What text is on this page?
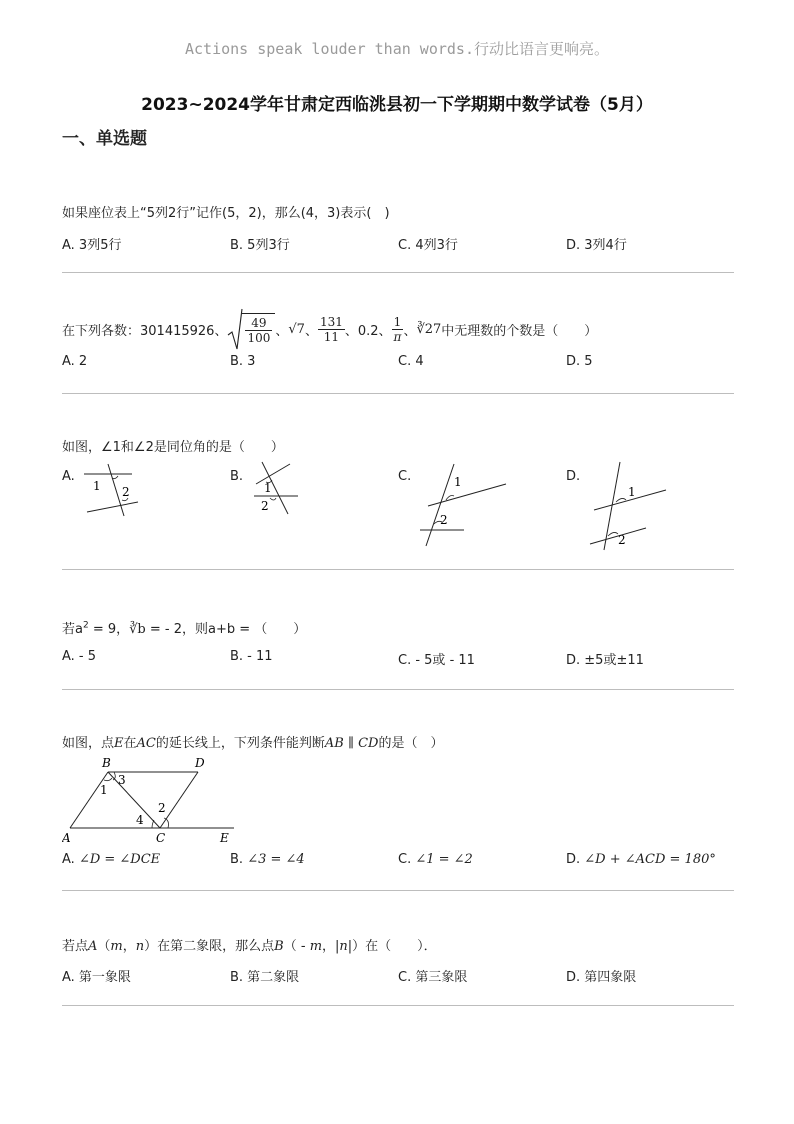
Actions speak louder than words.行动比语言更响亮。
2023~2024学年甘肃定西临洮县初一下学期期中数学试卷（5月）
一、单选题
如果座位表上“5列2行”记作(5，2)，那么(4，3)表示(　)
A. 3列5行	B. 5列3行	C. 4列3行	D. 3列4行
在下列各数：301415926、 $\frac{49}{100}$ 、 √7 、 $\frac{131}{11}$ 、0.2、 $\frac{1}{\pi}$ 、 ∛27 中无理数的个数是（　　）
A. 2	B. 3	C. 4	D. 5
如图，∠1和∠2是同位角的是（　　）
A.	B.	C.	D.
1 2	1
2
1
2
1
2
若$a^2 = 9$，∛b = - 2，则a+b = （　　）
A. - 5	B. - 11	C. - 5或 - 11	D. ±5或±11
如图，点E在AC的延长线上，下列条件能判断AB ∥ CD的是（　）
B	D
A	C	E
1
2
3
4
A. ∠D = ∠DCE	B. ∠3 = ∠4	C. ∠1 = ∠2	D. ∠D + ∠ACD = 180°
若点A（m，n）在第二象限，那么点B（ - m，|n|）在（　　）．
A. 第一象限	B. 第二象限	C. 第三象限	D. 第四象限
